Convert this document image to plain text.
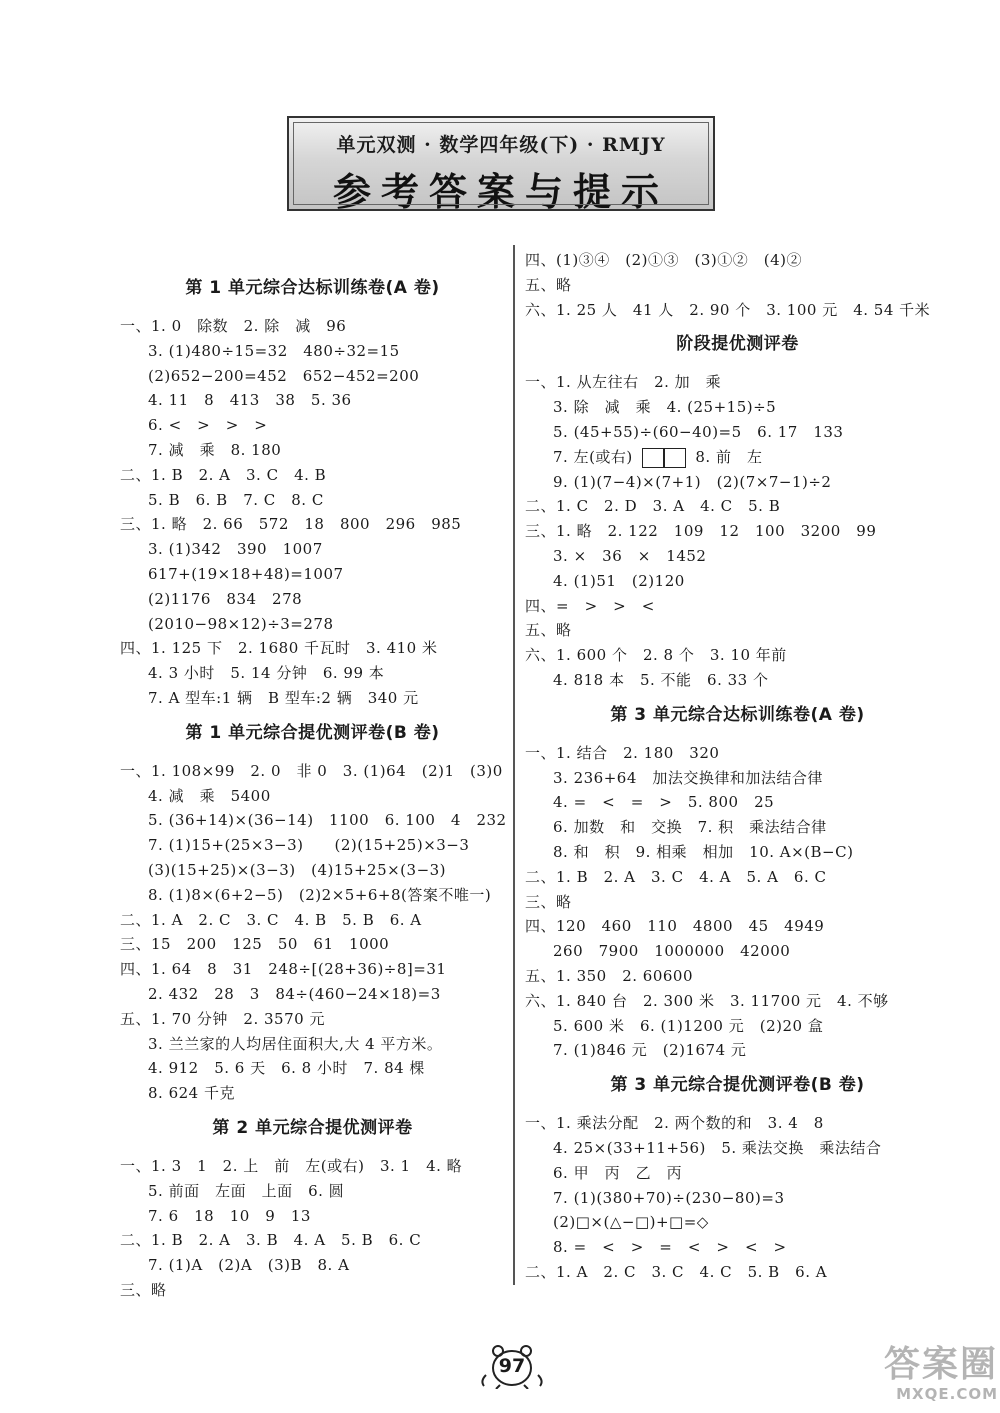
单元双测 · 数学四年级(下) · RMJY
参考答案与提示
第 1 单元综合达标训练卷(A 卷)
一、1. 0　除数　2. 除　减　96
3. (1)480÷15=32　480÷32=15
(2)652−200=452　652−452=200
4. 11　8　413　38　5. 36
6. <　>　>　>
7. 减　乘　8. 180
二、1. B　2. A　3. C　4. B
5. B　6. B　7. C　8. C
三、1. 略　2. 66　572　18　800　296　985
3. (1)342　390　1007
617+(19×18+48)=1007
(2)1176　834　278
(2010−98×12)÷3=278
四、1. 125 下　2. 1680 千瓦时　3. 410 米
4. 3 小时　5. 14 分钟　6. 99 本
7. A 型车:1 辆　B 型车:2 辆　340 元
第 1 单元综合提优测评卷(B 卷)
一、1. 108×99　2. 0　非 0　3. (1)64　(2)1　(3)0
4. 减　乘　5400
5. (36+14)×(36−14)　1100　6. 100　4　232
7. (1)15+(25×3−3)　　(2)(15+25)×3−3
(3)(15+25)×(3−3)　(4)15+25×(3−3)
8. (1)8×(6+2−5)　(2)2×5+6+8(答案不唯一)
二、1. A　2. C　3. C　4. B　5. B　6. A
三、15　200　125　50　61　1000
四、1. 64　8　31　248÷[(28+36)÷8]=31
2. 432　28　3　84÷(460−24×18)=3
五、1. 70 分钟　2. 3570 元
3. 兰兰家的人均居住面积大,大 4 平方米。
4. 912　5. 6 天　6. 8 小时　7. 84 棵
8. 624 千克
第 2 单元综合提优测评卷
一、1. 3　1　2. 上　前　左(或右)　3. 1　4. 略
5. 前面　左面　上面　6. 圆
7. 6　18　10　9　13
二、1. B　2. A　3. B　4. A　5. B　6. C
7. (1)A　(2)A　(3)B　8. A
三、略
四、(1)③④　(2)①③　(3)①②　(4)②
五、略
六、1. 25 人　41 人　2. 90 个　3. 100 元　4. 54 千米
阶段提优测评卷
一、1. 从左往右　2. 加　乘
3. 除　减　乘　4. (25+15)÷5
5. (45+55)÷(60−40)=5　6. 17　133
7. 左(或右)	8. 前　左
9. (1)(7−4)×(7+1)　(2)(7×7−1)÷2
二、1. C　2. D　3. A　4. C　5. B
三、1. 略　2. 122　109　12　100　3200　99
3. ×　36　×　1452
4. (1)51　(2)120
四、=　>　>　<
五、略
六、1. 600 个　2. 8 个　3. 10 年前
4. 818 本　5. 不能　6. 33 个
第 3 单元综合达标训练卷(A 卷)
一、1. 结合　2. 180　320
3. 236+64　加法交换律和加法结合律
4. =　<　=　>　5. 800　25
6. 加数　和　交换　7. 积　乘法结合律
8. 和　积　9. 相乘　相加　10. A×(B−C)
二、1. B　2. A　3. C　4. A　5. A　6. C
三、略
四、120　460　110　4800　45　4949
260　7900　1000000　42000
五、1. 350　2. 60600
六、1. 840 台　2. 300 米　3. 11700 元　4. 不够
5. 600 米　6. (1)1200 元　(2)20 盒
7. (1)846 元　(2)1674 元
第 3 单元综合提优测评卷(B 卷)
一、1. 乘法分配　2. 两个数的和　3. 4　8
4. 25×(33+11+56)　5. 乘法交换　乘法结合
6. 甲　丙　乙　丙
7. (1)(380+70)÷(230−80)=3
(2)□×(△−□)+□=◇
8. =　<　>　=　<　>　<　>
二、1. A　2. C　3. C　4. C　5. B　6. A
97	答案圈
MXQE.COM
